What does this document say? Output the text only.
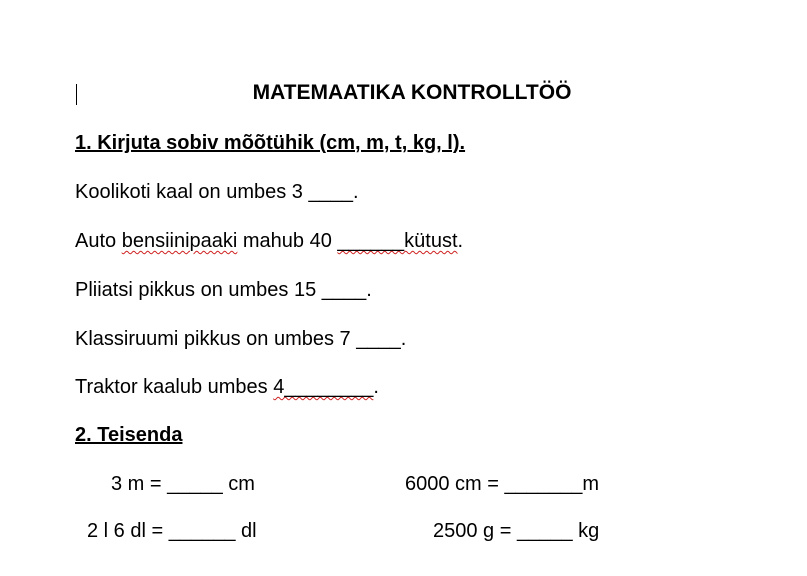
MATEMAATIKA KONTROLLTÖÖ
1. Kirjuta sobiv mõõtühik (cm, m, t, kg, l).
Koolikoti kaal on umbes 3 ____.
Auto bensiinipaaki mahub 40 ______kütust.
Pliiatsi pikkus on umbes 15 ____.
Klassiruumi pikkus on umbes 7 ____.
Traktor kaalub umbes 4________.
2. Teisenda
3 m = _____ cm	6000 cm = _______m
2 l 6 dl = ______ dl	2500 g = _____ kg
